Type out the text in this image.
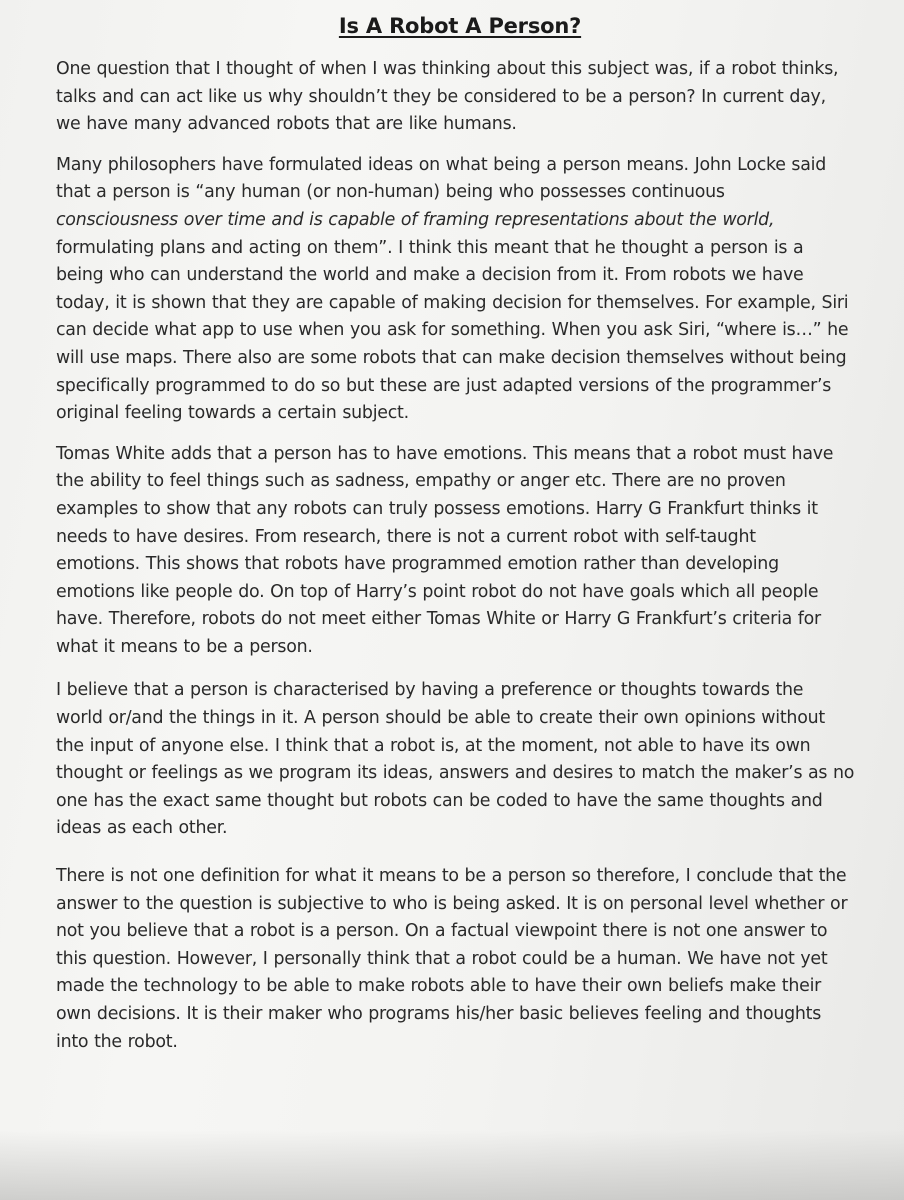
Is A Robot A Person?
One question that I thought of when I was thinking about this subject was, if a robot thinks,
talks and can act like us why shouldn’t they be considered to be a person? In current day,
we have many advanced robots that are like humans.
Many philosophers have formulated ideas on what being a person means. John Locke said
that a person is “any human (or non-human) being who possesses continuous
consciousness over time and is capable of framing representations about the world,
formulating plans and acting on them”. I think this meant that he thought a person is a
being who can understand the world and make a decision from it. From robots we have
today, it is shown that they are capable of making decision for themselves. For example, Siri
can decide what app to use when you ask for something. When you ask Siri, “where is…” he
will use maps. There also are some robots that can make decision themselves without being
specifically programmed to do so but these are just adapted versions of the programmer’s
original feeling towards a certain subject.
Tomas White adds that a person has to have emotions. This means that a robot must have
the ability to feel things such as sadness, empathy or anger etc. There are no proven
examples to show that any robots can truly possess emotions. Harry G Frankfurt thinks it
needs to have desires. From research, there is not a current robot with self-taught
emotions. This shows that robots have programmed emotion rather than developing
emotions like people do. On top of Harry’s point robot do not have goals which all people
have. Therefore, robots do not meet either Tomas White or Harry G Frankfurt’s criteria for
what it means to be a person.
I believe that a person is characterised by having a preference or thoughts towards the
world or/and the things in it. A person should be able to create their own opinions without
the input of anyone else. I think that a robot is, at the moment, not able to have its own
thought or feelings as we program its ideas, answers and desires to match the maker’s as no
one has the exact same thought but robots can be coded to have the same thoughts and
ideas as each other.
There is not one definition for what it means to be a person so therefore, I conclude that the
answer to the question is subjective to who is being asked. It is on personal level whether or
not you believe that a robot is a person. On a factual viewpoint there is not one answer to
this question. However, I personally think that a robot could be a human. We have not yet
made the technology to be able to make robots able to have their own beliefs make their
own decisions. It is their maker who programs his/her basic believes feeling and thoughts
into the robot.
